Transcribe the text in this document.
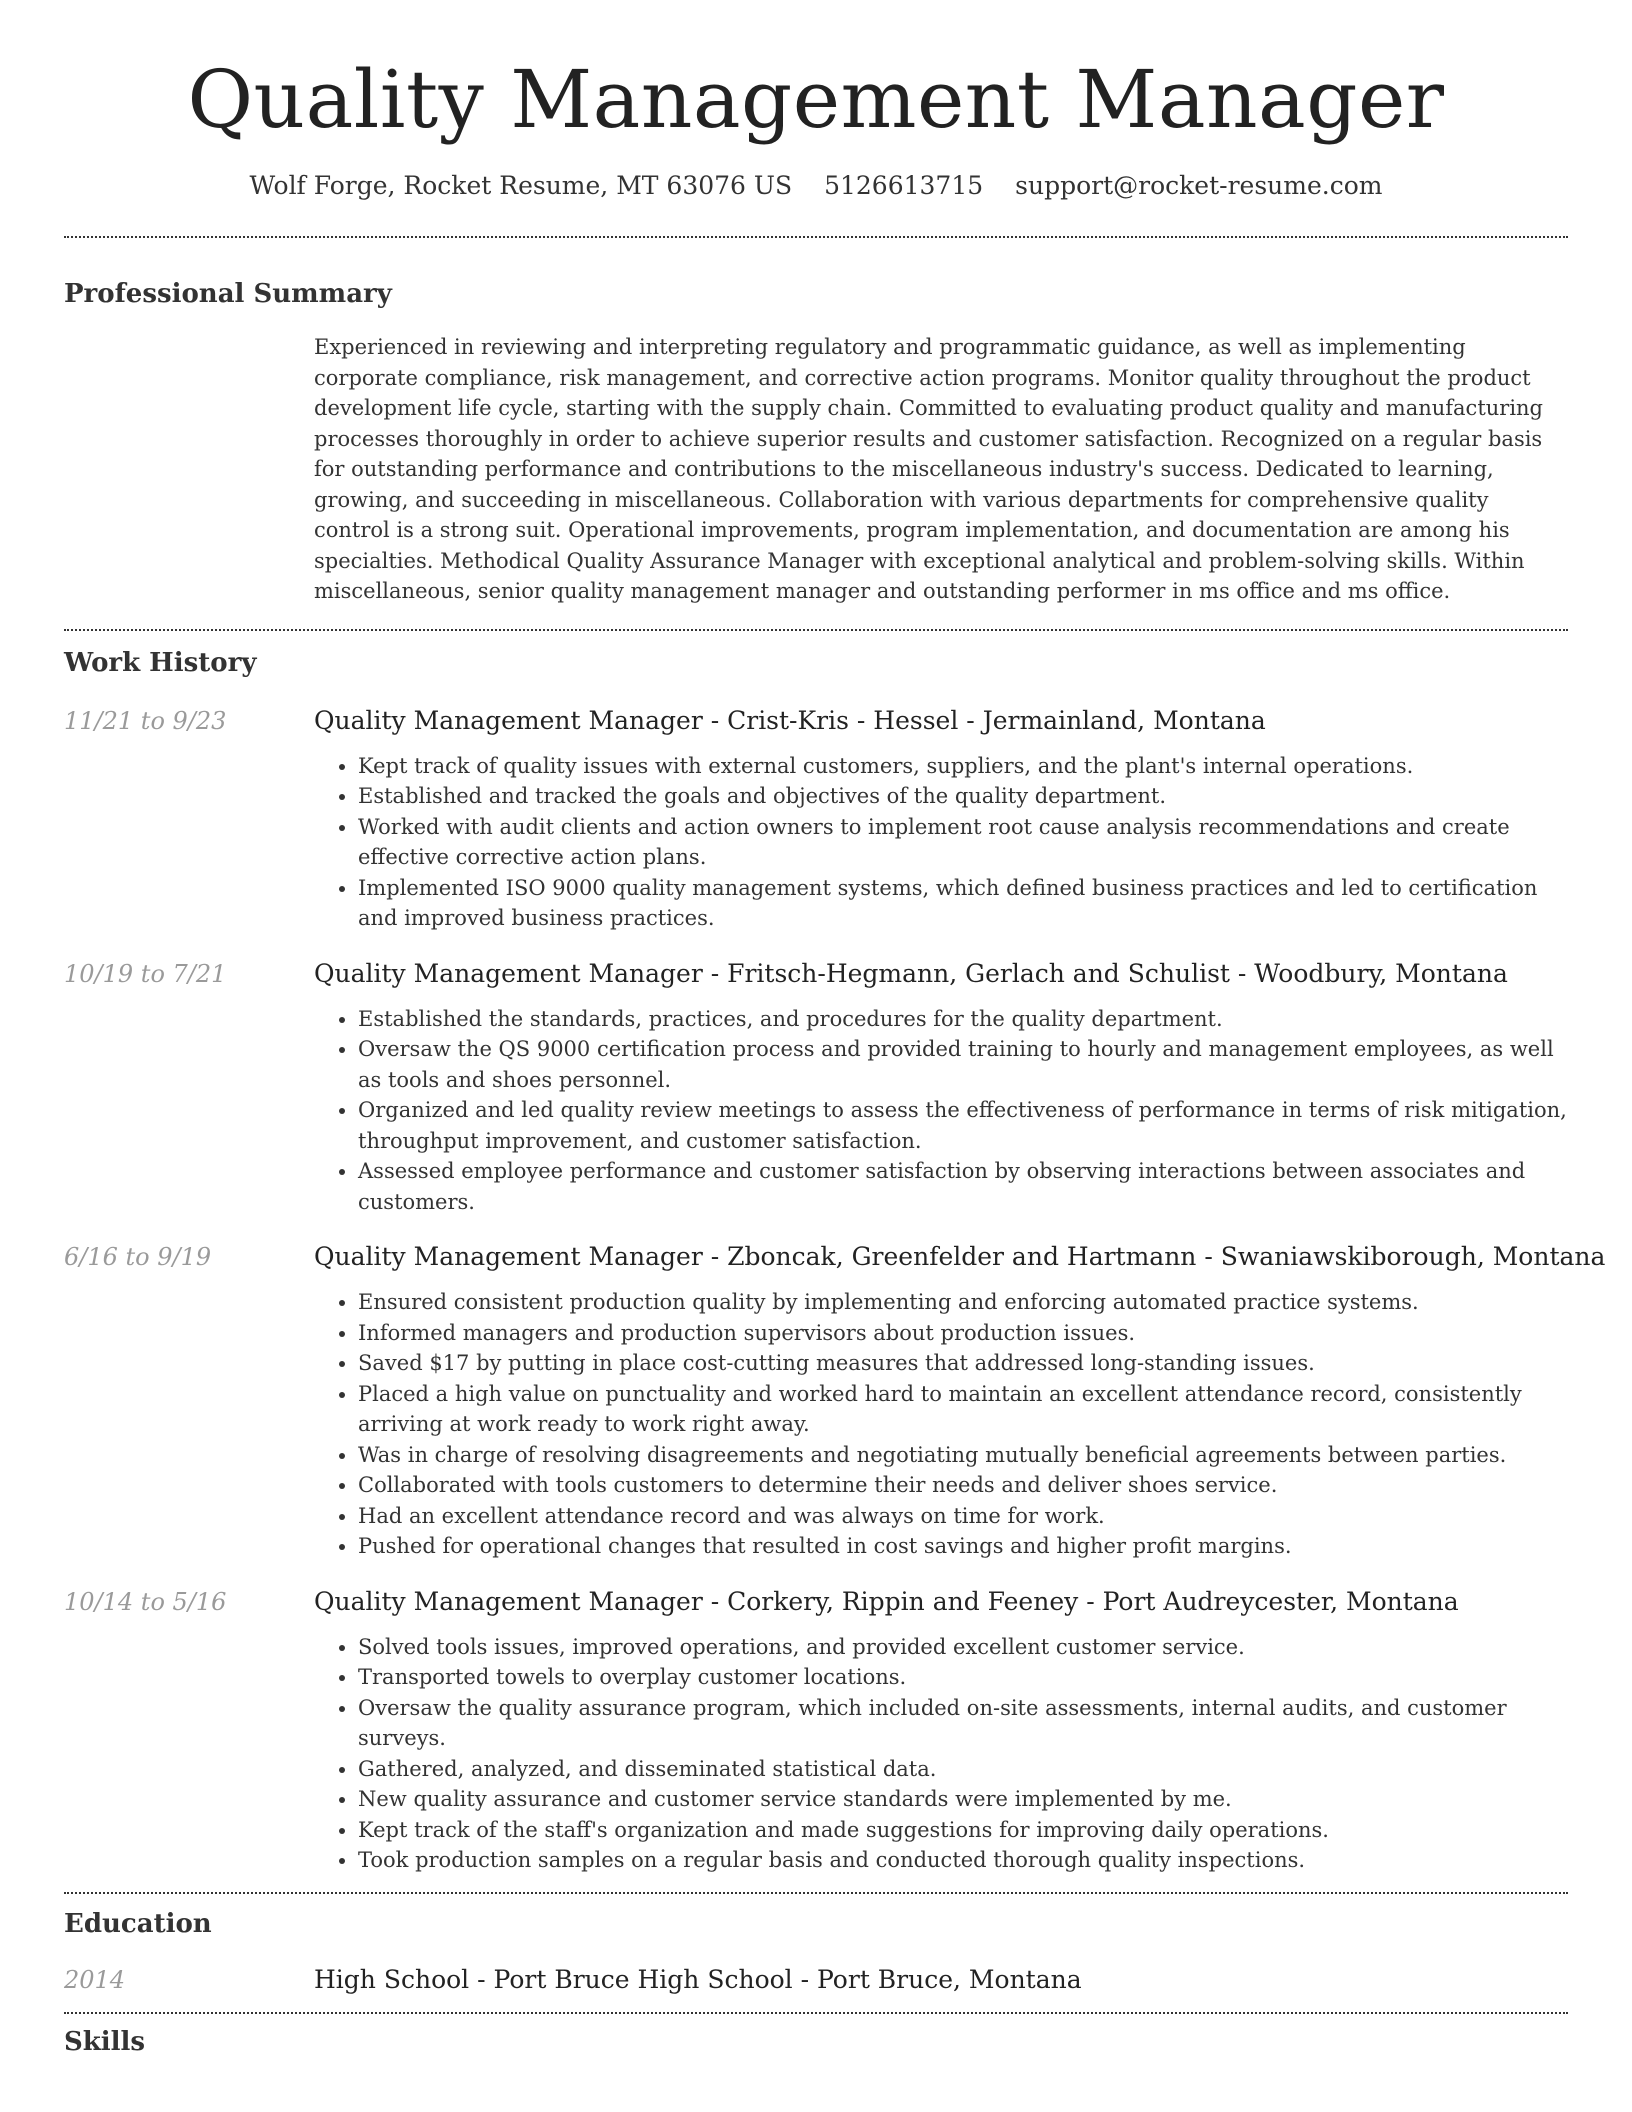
Quality Management Manager
Wolf Forge, Rocket Resume, MT 63076 US 5126613715 support@rocket-resume.com
Professional Summary

Experienced in reviewing and interpreting regulatory and programmatic guidance, as well as implementing corporate compliance, risk management, and corrective action programs. Monitor quality throughout the product development life cycle, starting with the supply chain. Committed to evaluating product quality and manufacturing processes thoroughly in order to achieve superior results and customer satisfaction. Recognized on a regular basis for outstanding performance and contributions to the miscellaneous industry's success. Dedicated to learning, growing, and succeeding in miscellaneous. Collaboration with various departments for comprehensive quality control is a strong suit. Operational improvements, program implementation, and documentation are among his specialties. Methodical Quality Assurance Manager with exceptional analytical and problem-solving skills. Within miscellaneous, senior quality management manager and outstanding performer in ms office and ms office.

Work History
11/21 to 9/23	Quality Management Manager - Crist-Kris - Hessel - Jermainland, Montana
• Kept track of quality issues with external customers, suppliers, and the plant's internal operations.
• Established and tracked the goals and objectives of the quality department.
• Worked with audit clients and action owners to implement root cause analysis recommendations and create effective corrective action plans.
• Implemented ISO 9000 quality management systems, which defined business practices and led to certification and improved business practices.
10/19 to 7/21	Quality Management Manager - Fritsch-Hegmann, Gerlach and Schulist - Woodbury, Montana
• Established the standards, practices, and procedures for the quality department.
• Oversaw the QS 9000 certification process and provided training to hourly and management employees, as well as tools and shoes personnel.
• Organized and led quality review meetings to assess the effectiveness of performance in terms of risk mitigation, throughput improvement, and customer satisfaction.
• Assessed employee performance and customer satisfaction by observing interactions between associates and customers.
6/16 to 9/19	Quality Management Manager - Zboncak, Greenfelder and Hartmann - Swaniawskiborough, Montana
• Ensured consistent production quality by implementing and enforcing automated practice systems.
• Informed managers and production supervisors about production issues.
• Saved $17 by putting in place cost-cutting measures that addressed long-standing issues.
• Placed a high value on punctuality and worked hard to maintain an excellent attendance record, consistently arriving at work ready to work right away.
• Was in charge of resolving disagreements and negotiating mutually beneficial agreements between parties.
• Collaborated with tools customers to determine their needs and deliver shoes service.
• Had an excellent attendance record and was always on time for work.
• Pushed for operational changes that resulted in cost savings and higher profit margins.
10/14 to 5/16	Quality Management Manager - Corkery, Rippin and Feeney - Port Audreycester, Montana
• Solved tools issues, improved operations, and provided excellent customer service.
• Transported towels to overplay customer locations.
• Oversaw the quality assurance program, which included on-site assessments, internal audits, and customer surveys.
• Gathered, analyzed, and disseminated statistical data.
• New quality assurance and customer service standards were implemented by me.
• Kept track of the staff's organization and made suggestions for improving daily operations.
• Took production samples on a regular basis and conducted thorough quality inspections.
Education
2014	High School - Port Bruce High School - Port Bruce, Montana
Skills
